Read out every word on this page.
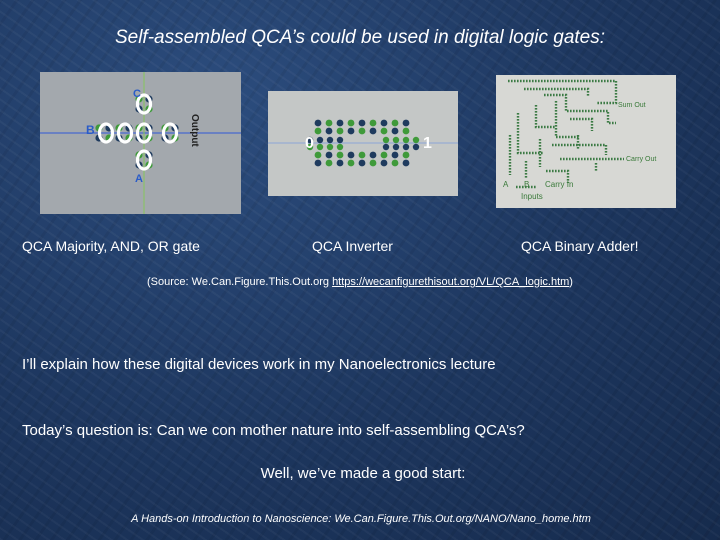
Self-assembled QCA’s could be used in digital logic gates:
C
B
A
Output	0	1
Sum Out
Carry Out
A B Carry In
Inputs
QCA Majority, AND, OR gate	QCA Inverter	QCA Binary Adder!
(Source: We.Can.Figure.This.Out.org https://wecanfigurethisout.org/VL/QCA_logic.htm)
I’ll explain how these digital devices work in my Nanoelectronics lecture
Today’s question is: Can we con mother nature into self-assembling QCA’s?
Well, we’ve made a good start:
A Hands-on Introduction to Nanoscience: We.Can.Figure.This.Out.org/NANO/Nano_home.htm
